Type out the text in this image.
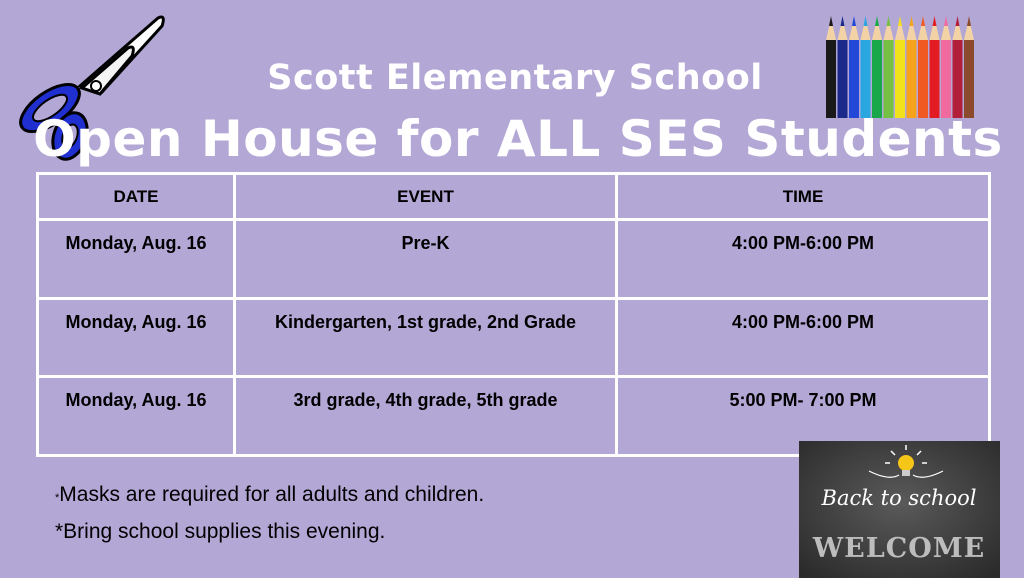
Scott Elementary School
Open House for ALL SES Students
DATE	EVENT	TIME
Monday, Aug. 16	Pre-K	4:00 PM-6:00 PM
Monday, Aug. 16	Kindergarten, 1st grade, 2nd Grade	4:00 PM-6:00 PM
Monday, Aug. 16	3rd grade, 4th grade, 5th grade	5:00 PM- 7:00 PM
*Masks are required for all adults and children.
*Bring school supplies this evening.
Back to school
WELCOME
